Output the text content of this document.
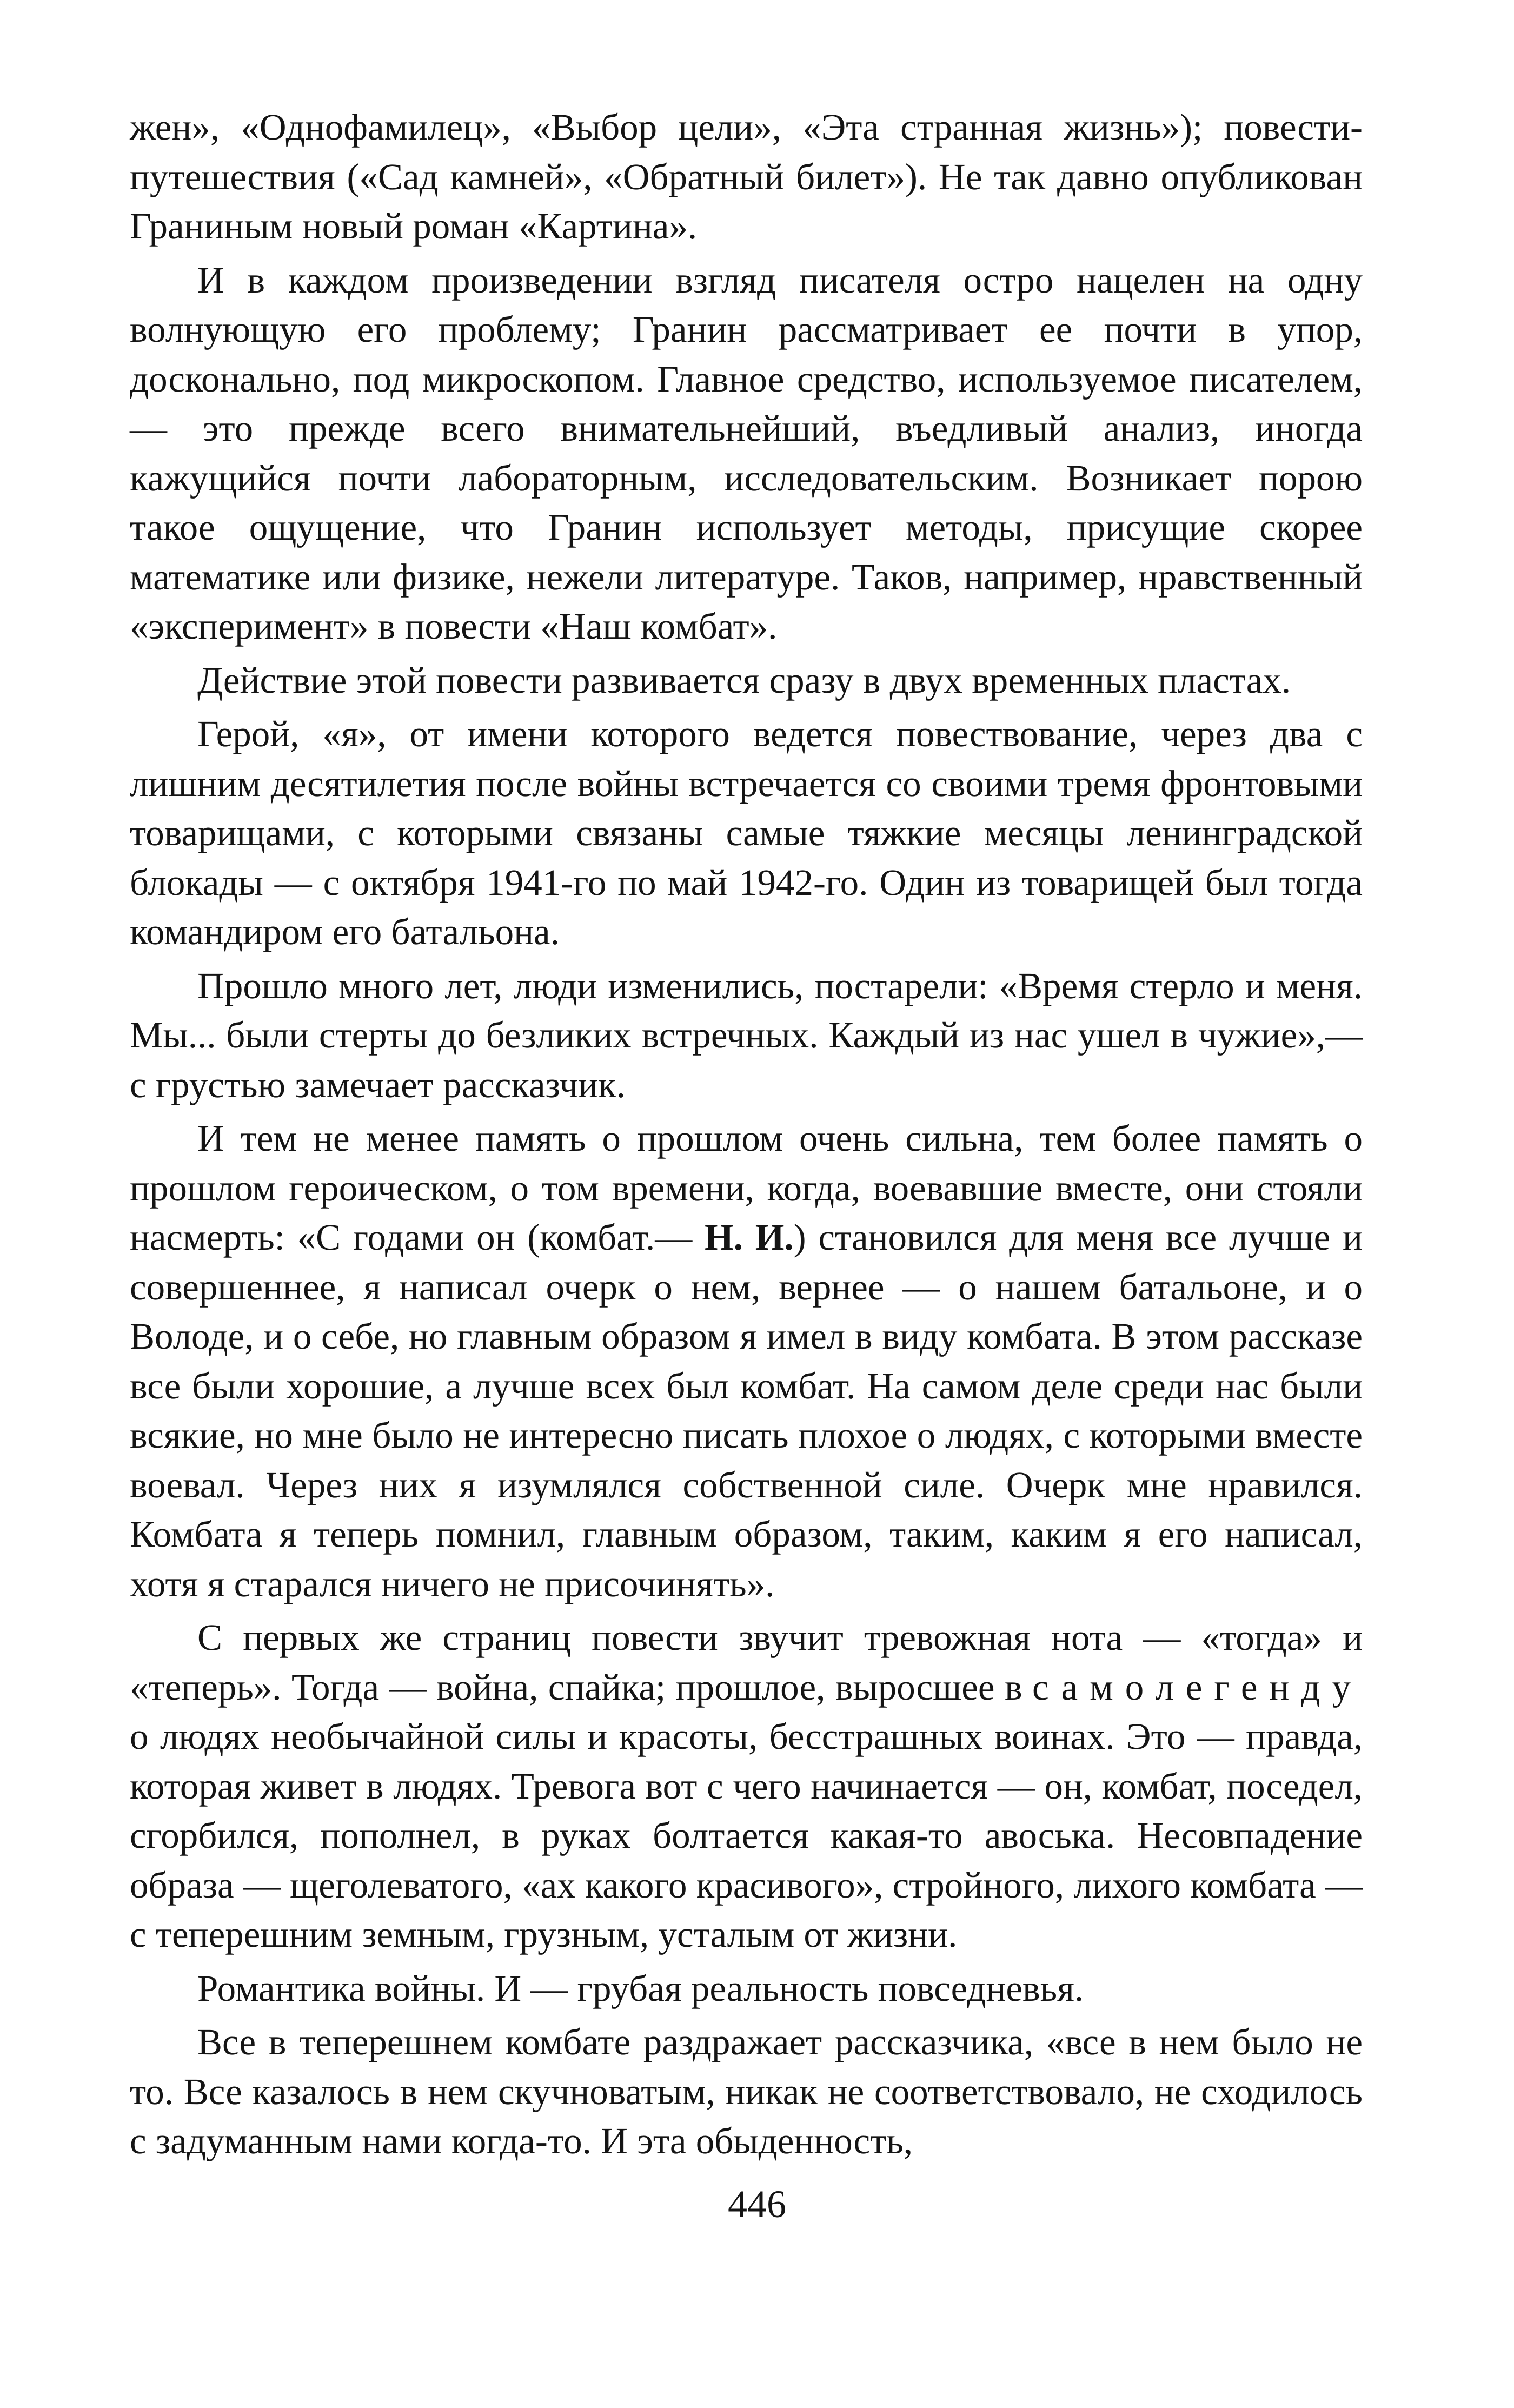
жен», «Однофамилец», «Выбор цели», «Эта странная жизнь»); повести-путешествия («Сад камней», «Обратный билет»). Не так давно опубликован Граниным новый роман «Картина».

И в каждом произведении взгляд писателя остро нацелен на одну волнующую его проблему; Гранин рассматривает ее почти в упор, досконально, под микроскопом. Главное средство, используемое писателем,— это прежде всего внимательнейший, въедливый анализ, иногда кажущийся почти лабораторным, исследовательским. Возникает порою такое ощущение, что Гранин использует методы, присущие скорее математике или физике, нежели литературе. Таков, например, нравственный «эксперимент» в повести «Наш комбат».

Действие этой повести развивается сразу в двух временных пластах.

Герой, «я», от имени которого ведется повествование, через два с лишним десятилетия после войны встречается со своими тремя фронтовыми товарищами, с которыми связаны самые тяжкие месяцы ленинградской блокады — с октября 1941-го по май 1942-го. Один из товарищей был тогда командиром его батальона.

Прошло много лет, люди изменились, постарели: «Время стерло и меня. Мы... были стерты до безликих встречных. Каждый из нас ушел в чужие»,— с грустью замечает рассказчик.

И тем не менее память о прошлом очень сильна, тем более память о прошлом героическом, о том времени, когда, воевавшие вместе, они стояли насмерть: «С годами он (комбат.— Н. И.) становился для меня все лучше и совершеннее, я написал очерк о нем, вернее — о нашем батальоне, и о Володе, и о себе, но главным образом я имел в виду комбата. В этом рассказе все были хорошие, а лучше всех был комбат. На самом деле среди нас были всякие, но мне было не интересно писать плохое о людях, с которыми вместе воевал. Через них я изумлялся собственной силе. Очерк мне нравился. Комбата я теперь помнил, главным образом, таким, каким я его написал, хотя я старался ничего не присочинять».

С первых же страниц повести звучит тревожная нота — «тогда» и «теперь». Тогда — война, спайка; прошлое, выросшее в самолегенду о людях необычайной силы и красоты, бесстрашных воинах. Это — правда, которая живет в людях. Тревога вот с чего начинается — он, комбат, поседел, сгорбился, пополнел, в руках болтается какая-то авоська. Несовпадение образа — щеголеватого, «ах какого красивого», стройного, лихого комбата — с теперешним земным, грузным, усталым от жизни.

Романтика войны. И — грубая реальность повседневья.

Все в теперешнем комбате раздражает рассказчика, «все в нем было не то. Все казалось в нем скучноватым, никак не соответствовало, не сходилось с задуманным нами когда-то. И эта обыденность,

446
